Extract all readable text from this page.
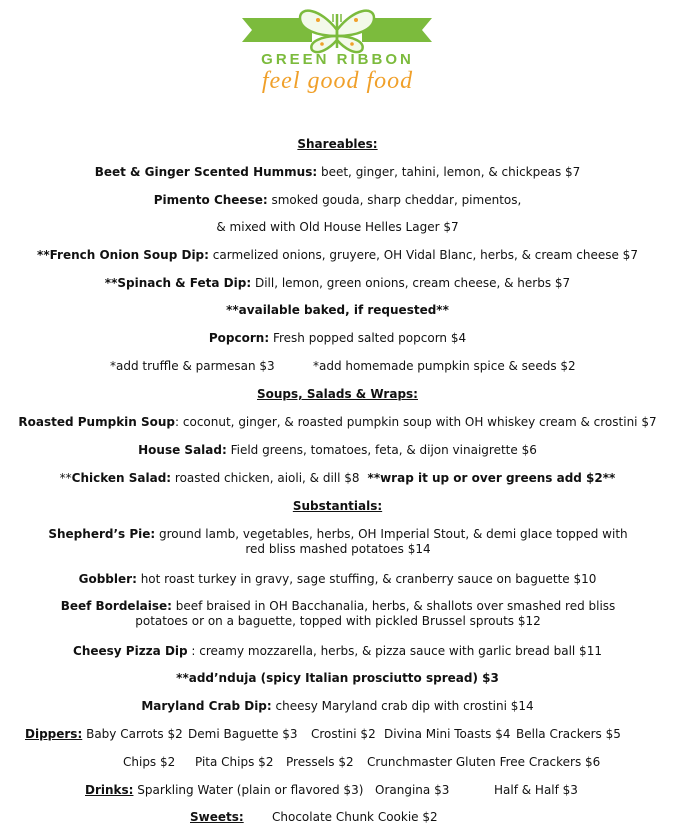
GREEN RIBBON
feel good food
Shareables:
Beet & Ginger Scented Hummus: beet, ginger, tahini, lemon, & chickpeas $7
Pimento Cheese: smoked gouda, sharp cheddar, pimentos,
& mixed with Old House Helles Lager $7
**French Onion Soup Dip: carmelized onions, gruyere, OH Vidal Blanc, herbs, & cream cheese $7
**Spinach & Feta Dip: Dill, lemon, green onions, cream cheese, & herbs $7
**available baked, if requested**
Popcorn: Fresh popped salted popcorn $4
*add truffle & parmesan $3	*add homemade pumpkin spice & seeds $2
Soups, Salads & Wraps:
Roasted Pumpkin Soup: coconut, ginger, & roasted pumpkin soup with OH whiskey cream & crostini $7
House Salad: Field greens, tomatoes, feta, & dijon vinaigrette $6
**Chicken Salad: roasted chicken, aioli, & dill $8 **wrap it up or over greens add $2**
Substantials:
Shepherd’s Pie: ground lamb, vegetables, herbs, OH Imperial Stout, & demi glace topped with red bliss mashed potatoes $14
Gobbler: hot roast turkey in gravy, sage stuffing, & cranberry sauce on baguette $10
Beef Bordelaise: beef braised in OH Bacchanalia, herbs, & shallots over smashed red bliss potatoes or on a baguette, topped with pickled Brussel sprouts $12
Cheesy Pizza Dip : creamy mozzarella, herbs, & pizza sauce with garlic bread ball $11
**add’nduja (spicy Italian prosciutto spread) $3
Maryland Crab Dip: cheesy Maryland crab dip with crostini $14
Dippers: Baby Carrots $2 Demi Baguette $3 Crostini $2 Divina Mini Toasts $4 Bella Crackers $5
Chips $2 Pita Chips $2 Pressels $2 Crunchmaster Gluten Free Crackers $6
Drinks: Sparkling Water (plain or flavored $3) Orangina $3	Half & Half $3
Sweets: Chocolate Chunk Cookie $2
